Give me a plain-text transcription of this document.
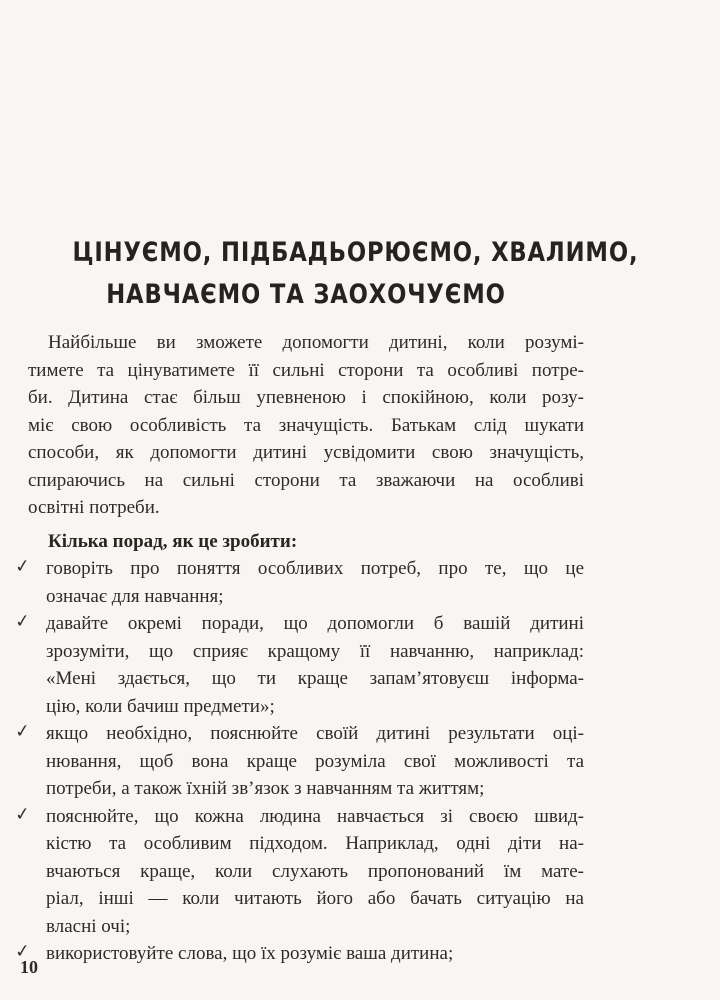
ЦІНУЄМО, ПІДБАДЬОРЮЄМО, ХВАЛИМО,
НАВЧАЄМО ТА ЗАОХОЧУЄМО
Найбільше ви зможете допомогти дитині, коли розумі-
тимете та цінуватимете її сильні сторони та особливі потре-
би. Дитина стає більш упевненою і спокійною, коли розу-
міє свою особливість та значущість. Батькам слід шукати
способи, як допомогти дитині усвідомити свою значущість,
спираючись на сильні сторони та зважаючи на особливі
освітні потреби.
Кілька порад, як це зробити:
✓ говоріть про поняття особливих потреб, про те, що це
означає для навчання;
✓ давайте окремі поради, що допомогли б вашій дитині
зрозуміти, що сприяє кращому її навчанню, наприклад:
«Мені здається, що ти краще запам’ятовуєш інформа-
цію, коли бачиш предмети»;
✓ якщо необхідно, пояснюйте своїй дитині результати оці-
нювання, щоб вона краще розуміла свої можливості та
потреби, а також їхній зв’язок з навчанням та життям;
✓ пояснюйте, що кожна людина навчається зі своєю швид-
кістю та особливим підходом. Наприклад, одні діти на-
вчаються краще, коли слухають пропонований їм мате-
ріал, інші — коли читають його або бачать ситуацію на
власні очі;
✓ використовуйте слова, що їх розуміє ваша дитина;
10
